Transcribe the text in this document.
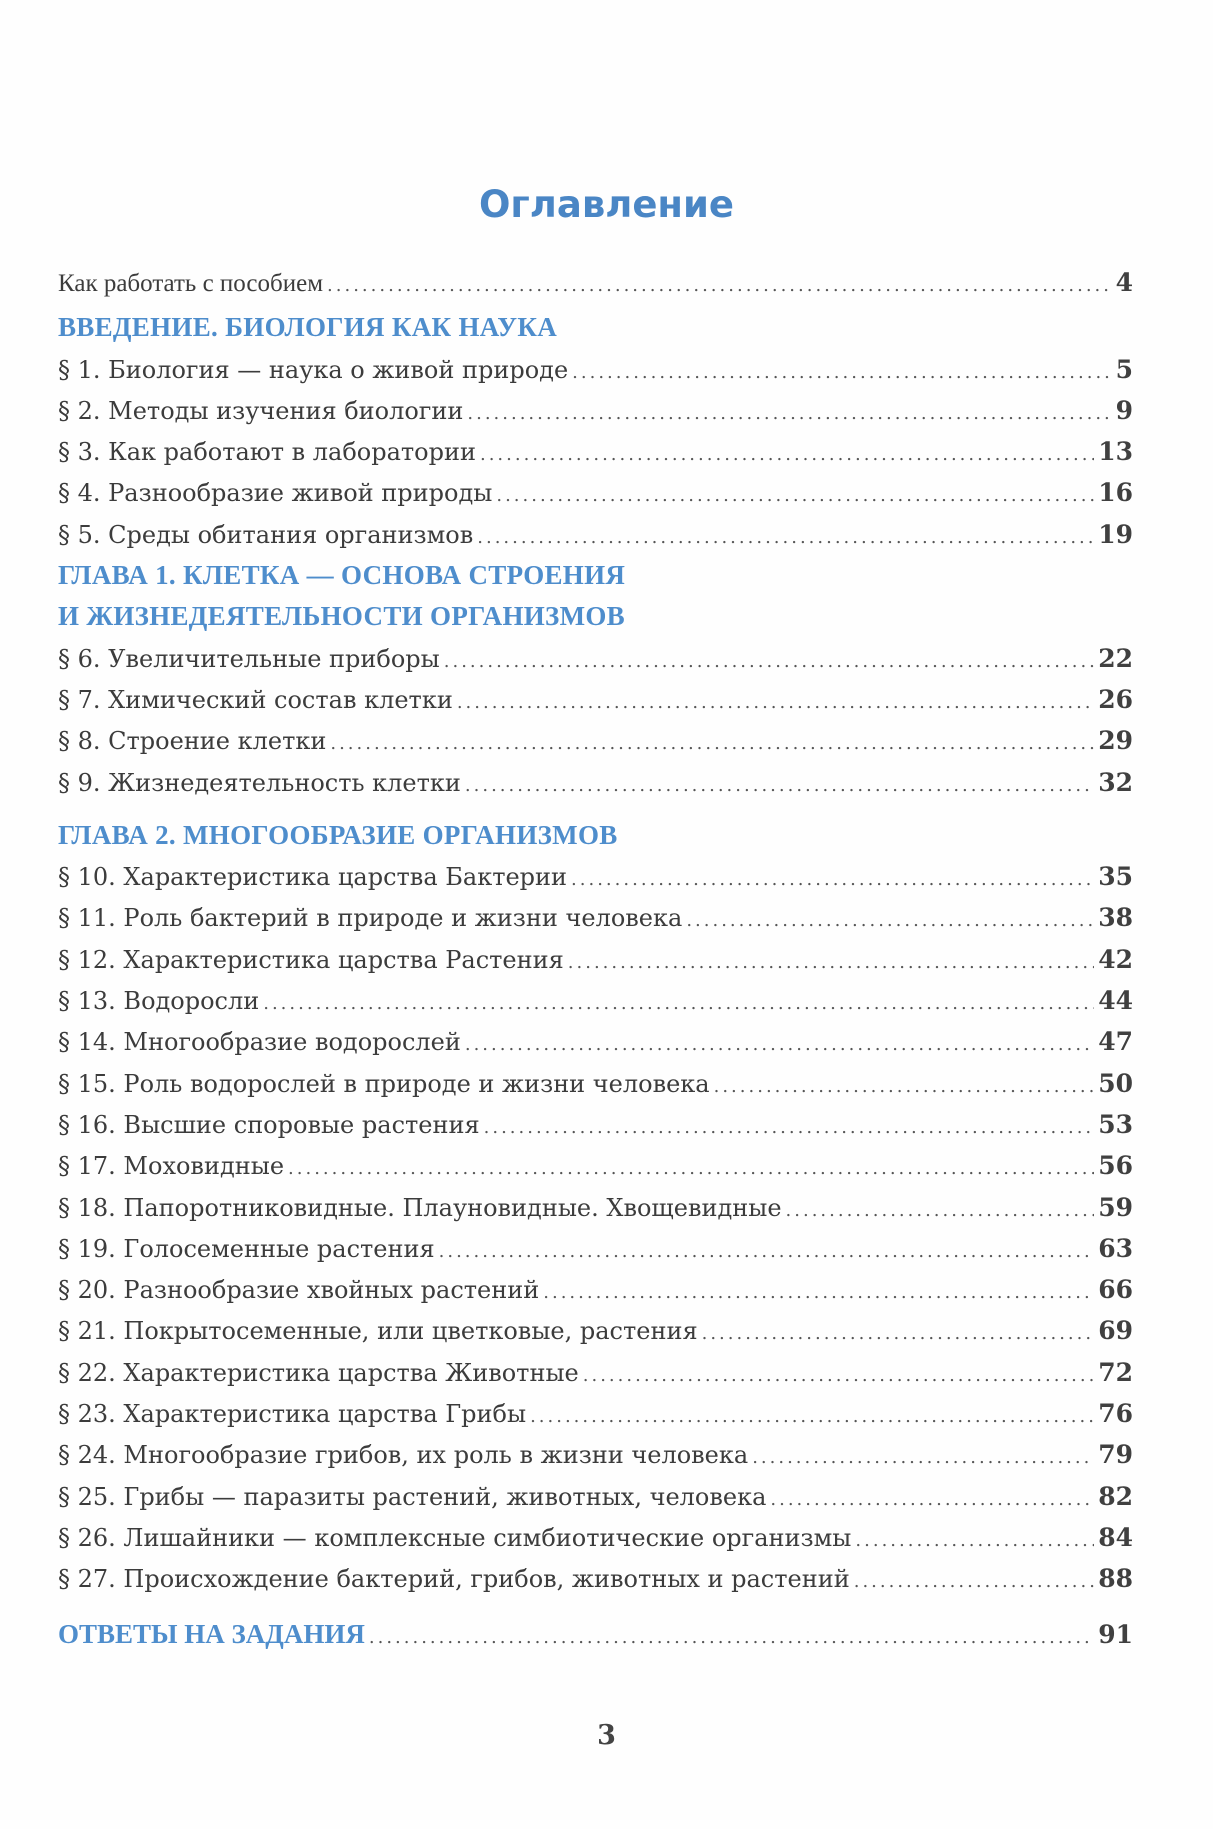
Оглавление
Как работать с пособием .....	4
ВВЕДЕНИЕ. БИОЛОГИЯ КАК НАУКА
§ 1. Биология — наука о живой природе .....	5
§ 2. Методы изучения биологии .....	9
§ 3. Как работают в лаборатории .....	13
§ 4. Разнообразие живой природы .....	16
§ 5. Среды обитания организмов .....	19
ГЛАВА 1. КЛЕТКА — ОСНОВА СТРОЕНИЯ
И ЖИЗНЕДЕЯТЕЛЬНОСТИ ОРГАНИЗМОВ
§ 6. Увеличительные приборы .....	22
§ 7. Химический состав клетки .....	26
§ 8. Строение клетки .....	29
§ 9. Жизнедеятельность клетки .....	32
ГЛАВА 2. МНОГООБРАЗИЕ ОРГАНИЗМОВ
§ 10. Характеристика царства Бактерии .....	35
§ 11. Роль бактерий в природе и жизни человека .....	38
§ 12. Характеристика царства Растения .....	42
§ 13. Водоросли .....	44
§ 14. Многообразие водорослей .....	47
§ 15. Роль водорослей в природе и жизни человека .....	50
§ 16. Высшие споровые растения .....	53
§ 17. Моховидные .....	56
§ 18. Папоротниковидные. Плауновидные. Хвощевидные .....	59
§ 19. Голосеменные растения .....	63
§ 20. Разнообразие хвойных растений .....	66
§ 21. Покрытосеменные, или цветковые, растения .....	69
§ 22. Характеристика царства Животные .....	72
§ 23. Характеристика царства Грибы .....	76
§ 24. Многообразие грибов, их роль в жизни человека .....	79
§ 25. Грибы — паразиты растений, животных, человека .....	82
§ 26. Лишайники — комплексные симбиотические организмы .....	84
§ 27. Происхождение бактерий, грибов, животных и растений .....	88
ОТВЕТЫ НА ЗАДАНИЯ .....	91
3
